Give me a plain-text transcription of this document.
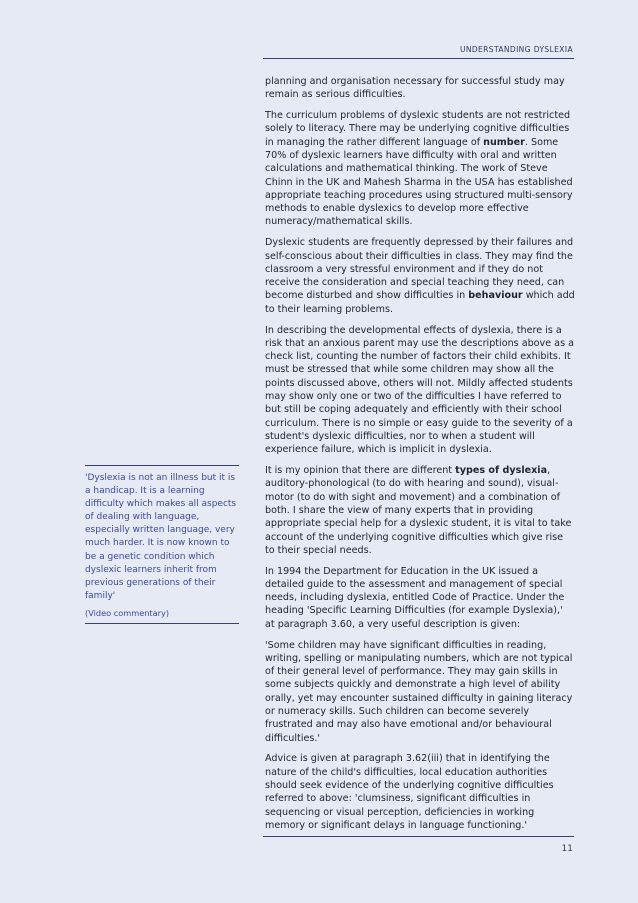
UNDERSTANDING DYSLEXIA

planning and organisation necessary for successful study may remain as serious difficulties.

The curriculum problems of dyslexic students are not restricted solely to literacy. There may be underlying cognitive difficulties in managing the rather different language of number. Some 70% of dyslexic learners have difficulty with oral and written calculations and mathematical thinking. The work of Steve Chinn in the UK and Mahesh Sharma in the USA has established appropriate teaching procedures using structured multi-sensory methods to enable dyslexics to develop more effective numeracy/mathematical skills.

Dyslexic students are frequently depressed by their failures and self-conscious about their difficulties in class. They may find the classroom a very stressful environment and if they do not receive the consideration and special teaching they need, can become disturbed and show difficulties in behaviour which add to their learning problems.

In describing the developmental effects of dyslexia, there is a risk that an anxious parent may use the descriptions above as a check list, counting the number of factors their child exhibits. It must be stressed that while some children may show all the points discussed above, others will not. Mildly affected students may show only one or two of the difficulties I have referred to but still be coping adequately and efficiently with their school curriculum. There is no simple or easy guide to the severity of a student's dyslexic difficulties, nor to when a student will experience failure, which is implicit in dyslexia.

It is my opinion that there are different types of dyslexia, auditory-phonological (to do with hearing and sound), visual-motor (to do with sight and movement) and a combination of both. I share the view of many experts that in providing appropriate special help for a dyslexic student, it is vital to take account of the underlying cognitive difficulties which give rise to their special needs.

In 1994 the Department for Education in the UK issued a detailed guide to the assessment and management of special needs, including dyslexia, entitled Code of Practice. Under the heading 'Specific Learning Difficulties (for example Dyslexia),' at paragraph 3.60, a very useful description is given:

'Some children may have significant difficulties in reading, writing, spelling or manipulating numbers, which are not typical of their general level of performance. They may gain skills in some subjects quickly and demonstrate a high level of ability orally, yet may encounter sustained difficulty in gaining literacy or numeracy skills. Such children can become severely frustrated and may also have emotional and/or behavioural difficulties.'

Advice is given at paragraph 3.62(iii) that in identifying the nature of the child's difficulties, local education authorities should seek evidence of the underlying cognitive difficulties referred to above: 'clumsiness, significant difficulties in sequencing or visual perception, deficiencies in working memory or significant delays in language functioning.'

'Dyslexia is not an illness but it is a handicap. It is a learning difficulty which makes all aspects of dealing with language, especially written language, very much harder. It is now known to be a genetic condition which dyslexic learners inherit from previous generations of their family'

(Video commentary)

11
